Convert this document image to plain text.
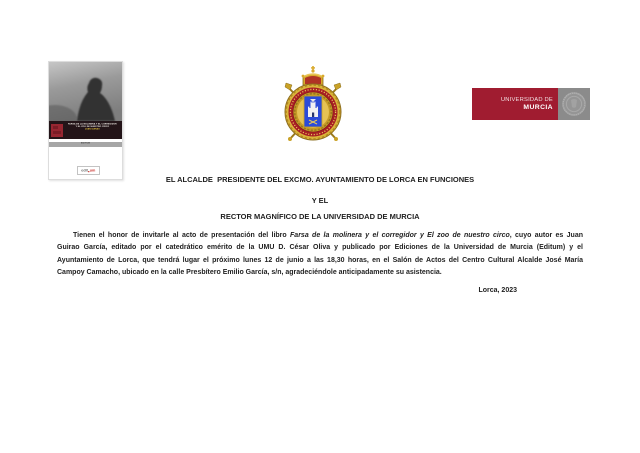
FARSA DE LA MOLINERA Y EL CORREGIDOR
Y EL ZOO DE NUESTRO CIRCO
JUAN GUIRAO
EDITUM
edit um
UNIVERSIDAD DE
MURCIA
EL ALCALDE  PRESIDENTE DEL EXCMO. AYUNTAMIENTO DE LORCA EN FUNCIONES
Y EL
RECTOR MAGNÍFICO DE LA UNIVERSIDAD DE MURCIA
Tienen el honor de invitarle al acto de presentación del libro Farsa de la molinera y el corregidor y El zoo de nuestro circo, cuyo autor es Juan
Guirao García, editado por el catedrático emérito de la UMU D. César Oliva y publicado por Ediciones de la Universidad de Murcia (Editum) y el
Ayuntamiento de Lorca, que tendrá lugar el próximo lunes 12 de junio a las 18,30 horas, en el Salón de Actos del Centro Cultural Alcalde José María
Campoy Camacho, ubicado en la calle Presbítero Emilio García, s/n, agradeciéndole anticipadamente su asistencia.
Lorca, 2023
